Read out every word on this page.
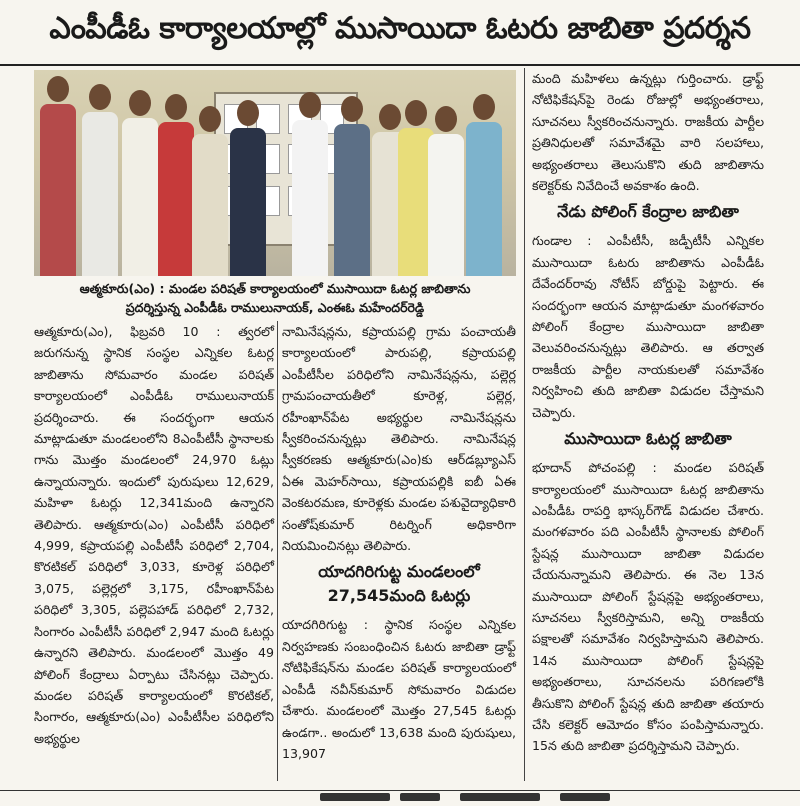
ఎంపీడీఓ కార్యాలయాల్లో ముసాయిదా ఓటరు జాబితా ప్రదర్శన
ఆత్మకూరు(ఎం) : మండల పరిషత్ కార్యాలయంలో ముసాయిదా ఓటర్ల జాబితాను
ప్రదర్శిస్తున్న ఎంపీడీఓ రాములునాయక్, ఎంఈఓ మహేందర్‌రెడ్డి

ఆత్మకూరు(ఎం), ఫిబ్రవరి 10 : త్వరలో జరుగనున్న స్థానిక సంస్థల ఎన్నికల ఓటర్ల జాబితాను సోమవారం మండల పరిషత్ కార్యాలయంలో ఎంపీడీఓ రాములునాయక్ ప్రదర్శించారు. ఈ సందర్భంగా ఆయన మాట్లాడుతూ మండలంలోని 8ఎంపీటీసీ స్థానాలకు గాను మొత్తం మండలంలో 24,970 ఓట్లు ఉన్నాయన్నారు. ఇందులో పురుషులు 12,629, మహిళా ఓటర్లు 12,341మంది ఉన్నారని తెలిపారు. ఆత్మకూరు(ఎం) ఎంపీటీసీ పరిధిలో 4,999, కప్రాయపల్లి ఎంపీటీసీ పరిధిలో 2,704, కొరటికల్ పరిధిలో 3,033, కూరెళ్ల పరిధిలో 3,075, పల్లెర్లలో 3,175, రహీంఖాన్‌పేట పరిధిలో 3,305, పల్లెపహాడ్ పరిధిలో 2,732, సింగారం ఎంపీటీసీ పరిధిలో 2,947 మంది ఓటర్లు ఉన్నారని తెలిపారు. మండలంలో మొత్తం 49 పోలింగ్ కేంద్రాలు ఏర్పాటు చేసినట్లు చెప్పారు. మండల పరిషత్ కార్యాలయంలో కొరటికల్, సింగారం, ఆత్మకూరు(ఎం) ఎంపీటీసీల పరిధిలోని అభ్యర్థుల

నామినేషన్లను, కప్రాయపల్లి గ్రామ పంచాయతీ కార్యాలయంలో పారుపల్లి, కప్రాయపల్లి ఎంపీటీసీల పరిధిలోని నామినేషన్లను, పల్లెర్ల గ్రామపంచాయతీలో కూరెళ్ల, పల్లెర్ల, రహీంఖాన్‌పేట అభ్యర్థుల నామినేషన్లను స్వీకరించనున్నట్లు తెలిపారు. నామినేషన్ల స్వీకరణకు ఆత్మకూరు(ఎం)కు ఆర్‌డబ్ల్యూఎస్ ఏఈ మెహర్‌సాయి, కప్రాయపల్లికి ఐబీ ఏఈ వెంకటరమణ, కూరెళ్లకు మండల పశువైద్యాధికారి సంతోష్‌కుమార్ రిటర్నింగ్ అధికారిగా నియమించినట్లు తెలిపారు.

యాదగిరిగుట్ట మండలంలో
27,545మంది ఓటర్లు

యాదగిరిగుట్ట : స్థానిక సంస్థల ఎన్నికల నిర్వహణకు సంబంధించిన ఓటరు జాబితా డ్రాఫ్ట్ నోటిఫికేషన్‌ను మండల పరిషత్ కార్యాలయంలో ఎంపీడీ నవీన్‌కుమార్ సోమవారం విడుదల చేశారు. మండలంలో మొత్తం 27,545 ఓటర్లు ఉండగా.. అందులో 13,638 మంది పురుషులు, 13,907

మంది మహిళలు ఉన్నట్లు గుర్తించారు. డ్రాఫ్ట్ నోటిఫికేషన్‌పై రెండు రోజుల్లో అభ్యంతరాలు, సూచనలు స్వీకరించనున్నారు. రాజకీయ పార్టీల ప్రతినిధులతో సమావేశమై వారి సలహాలు, అభ్యంతరాలు తెలుసుకొని తుది జాబితాను కలెక్టర్‌కు నివేదించే అవకాశం ఉంది.

నేడు పోలింగ్ కేంద్రాల జాబితా

గుండాల : ఎంపీటీసీ, జడ్పీటీసీ ఎన్నికల ముసాయిదా ఓటరు జాబితాను ఎంపీడీఓ దేవేందర్‌రావు నోటీస్ బోర్డుపై పెట్టారు. ఈ సందర్భంగా ఆయన మాట్లాడుతూ మంగళవారం పోలింగ్ కేంద్రాల ముసాయిదా జాబితా వెలువరించనున్నట్లు తెలిపారు. ఆ తర్వాత రాజకీయ పార్టీల నాయకులతో సమావేశం నిర్వహించి తుది జాబితా విడుదల చేస్తామని చెప్పారు.

ముసాయిదా ఓటర్ల జాబితా

భూదాన్ పోచంపల్లి : మండల పరిషత్ కార్యాలయంలో ముసాయిదా ఓటర్ల జాబితాను ఎంపీడీఓ రాపర్తి భాస్కర్‌గౌడ్ విడుదల చేశారు. మంగళవారం పది ఎంపీటీసీ స్థానాలకు పోలింగ్ స్టేషన్ల ముసాయిదా జాబితా విడుదల చేయనున్నామని తెలిపారు. ఈ నెల 13న ముసాయిదా పోలింగ్ స్టేషన్లపై అభ్యంతరాలు, సూచనలు స్వీకరిస్తామని, అన్ని రాజకీయ పక్షాలతో సమావేశం నిర్వహిస్తామని తెలిపారు. 14న ముసాయిదా పోలింగ్ స్టేషన్లపై అభ్యంతరాలు, సూచనలను పరిగణలోకి తీసుకొని పోలింగ్ స్టేషన్ల తుది జాబితా తయారు చేసి కలెక్టర్ ఆమోదం కోసం పంపిస్తామన్నారు. 15న తుది జాబితా ప్రదర్శిస్తామని చెప్పారు.
